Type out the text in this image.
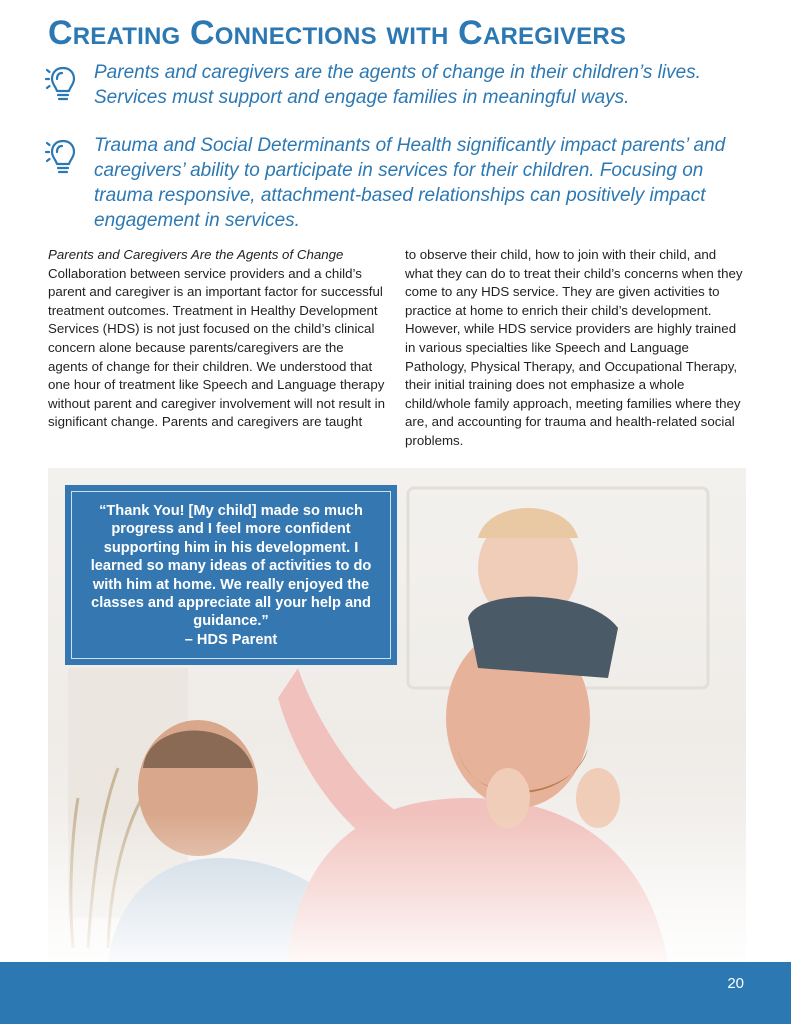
Creating Connections with Caregivers

Parents and caregivers are the agents of change in their children’s lives. Services must support and engage families in meaningful ways.

Trauma and Social Determinants of Health significantly impact parents’ and caregivers’ ability to participate in services for their children. Focusing on trauma responsive, attachment-based relationships can positively impact engagement in services.

Parents and Caregivers Are the Agents of Change
Collaboration between service providers and a child’s parent and caregiver is an important factor for successful treatment outcomes. Treatment in Healthy Development Services (HDS) is not just focused on the child’s clinical concern alone because parents/caregivers are the agents of change for their children. We understood that one hour of treatment like Speech and Language therapy without parent and caregiver involvement will not result in significant change. Parents and caregivers are taught
to observe their child, how to join with their child, and what they can do to treat their child’s concerns when they come to any HDS service. They are given activities to practice at home to enrich their child’s development. However, while HDS service providers are highly trained in various specialties like Speech and Language Pathology, Physical Therapy, and Occupational Therapy, their initial training does not emphasize a whole child/whole family approach, meeting families where they are, and accounting for trauma and health-related social problems.
“Thank You! [My child] made so much progress and I feel more confident supporting him in his development. I learned so many ideas of activities to do with him at home. We really enjoyed the classes and appreciate all your help and guidance.”
– HDS Parent
20
